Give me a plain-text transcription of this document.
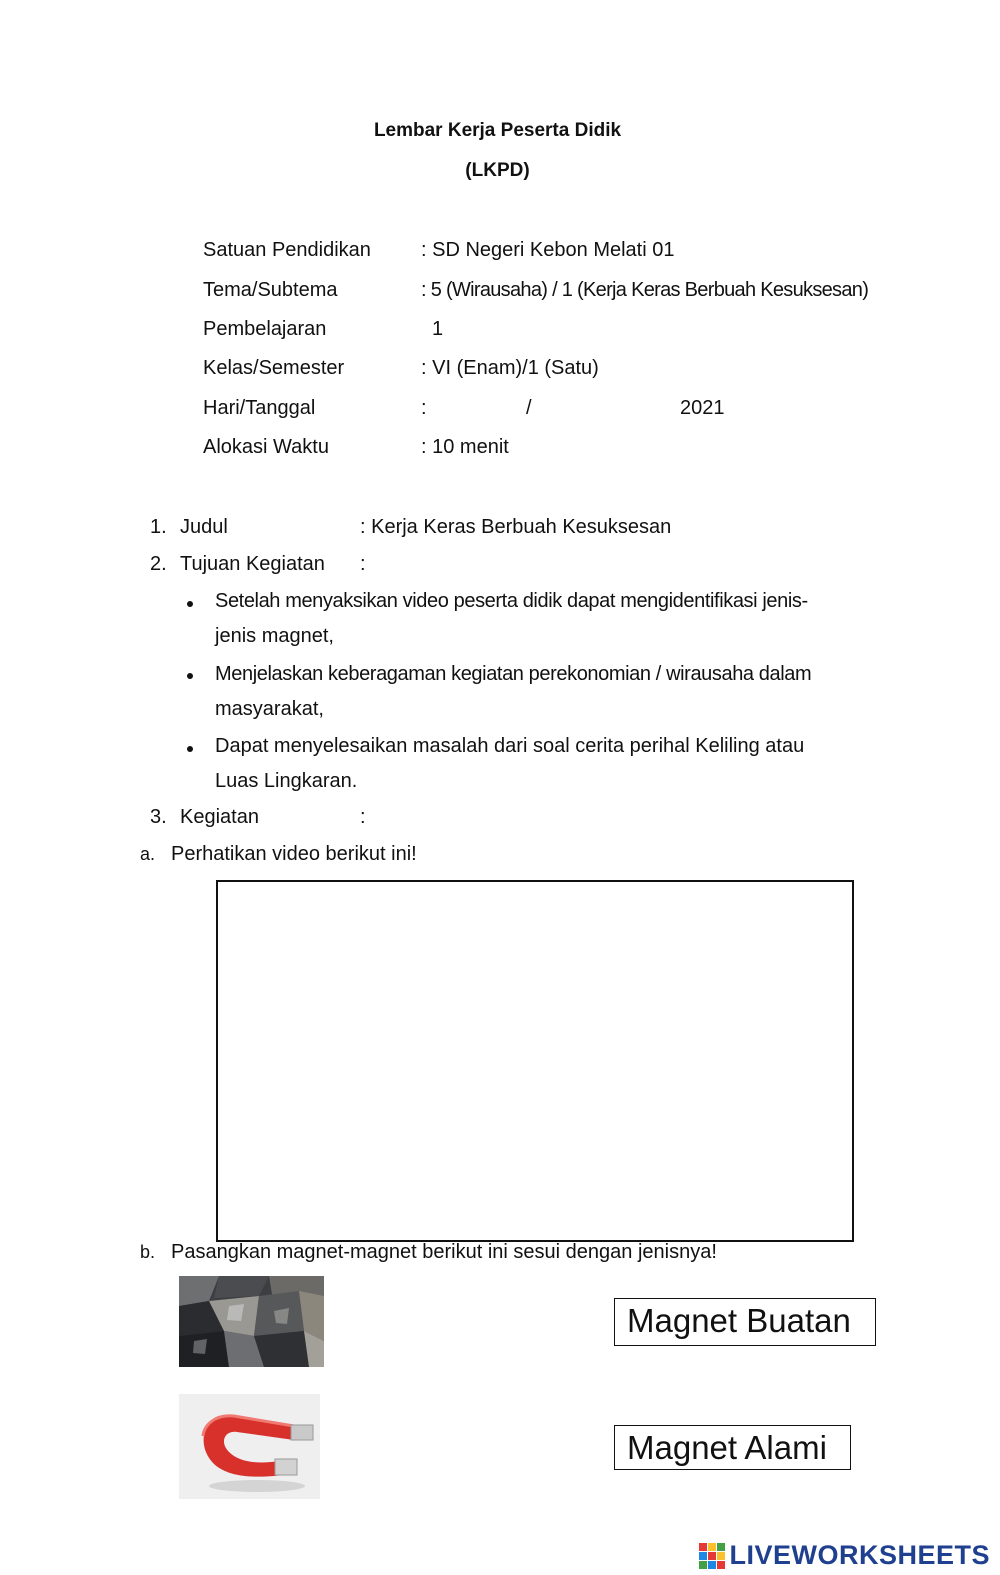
Lembar Kerja Peserta Didik
(LKPD)
Satuan Pendidikan	: SD Negeri Kebon Melati 01
Tema/Subtema	: 5 (Wirausaha) / 1 (Kerja Keras Berbuah Kesuksesan)
Pembelajaran	1
Kelas/Semester	: VI (Enam)/1 (Satu)
Hari/Tanggal	:	/	2021
Alokasi Waktu	: 10 menit
1. Judul	: Kerja Keras Berbuah Kesuksesan
2. Tujuan Kegiatan :
Setelah menyaksikan video peserta didik dapat mengidentifikasi jenis-
jenis magnet,
Menjelaskan keberagaman kegiatan perekonomian / wirausaha dalam
masyarakat,
Dapat menyelesaikan masalah dari soal cerita perihal Keliling atau
Luas Lingkaran.
3. Kegiatan	:
a. Perhatikan video berikut ini!
b. Pasangkan magnet-magnet berikut ini sesui dengan jenisnya!
Magnet Buatan
Magnet Alami
LIVEWORKSHEETS
